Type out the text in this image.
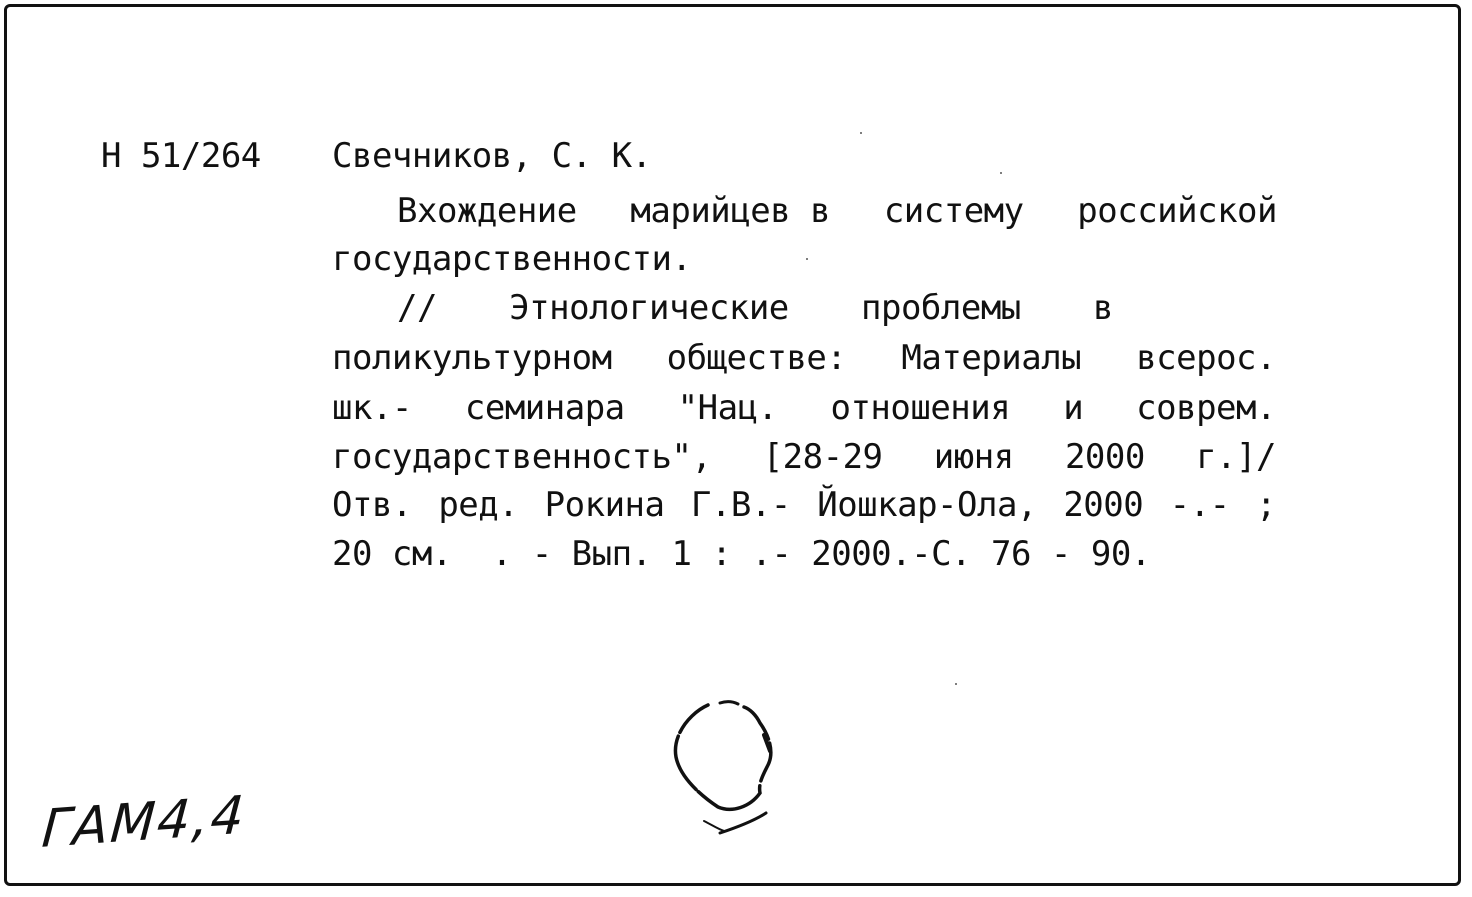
Н 51/264 Свечников, С. К.
Вхождение марийцев в систему российской
государственности.
// Этнологические проблемы в
поликультурном обществе: Материалы всерос.
шк.- семинара "Нац. отношения и соврем.
государственность", [28-29 июня 2000 г.]/
Отв. ред. Рокина Г.В.- Йошкар-Ола, 2000 -.- ;
20 см.  . - Вып. 1 : .- 2000.-С. 76 - 90.
ГАМ4,4
